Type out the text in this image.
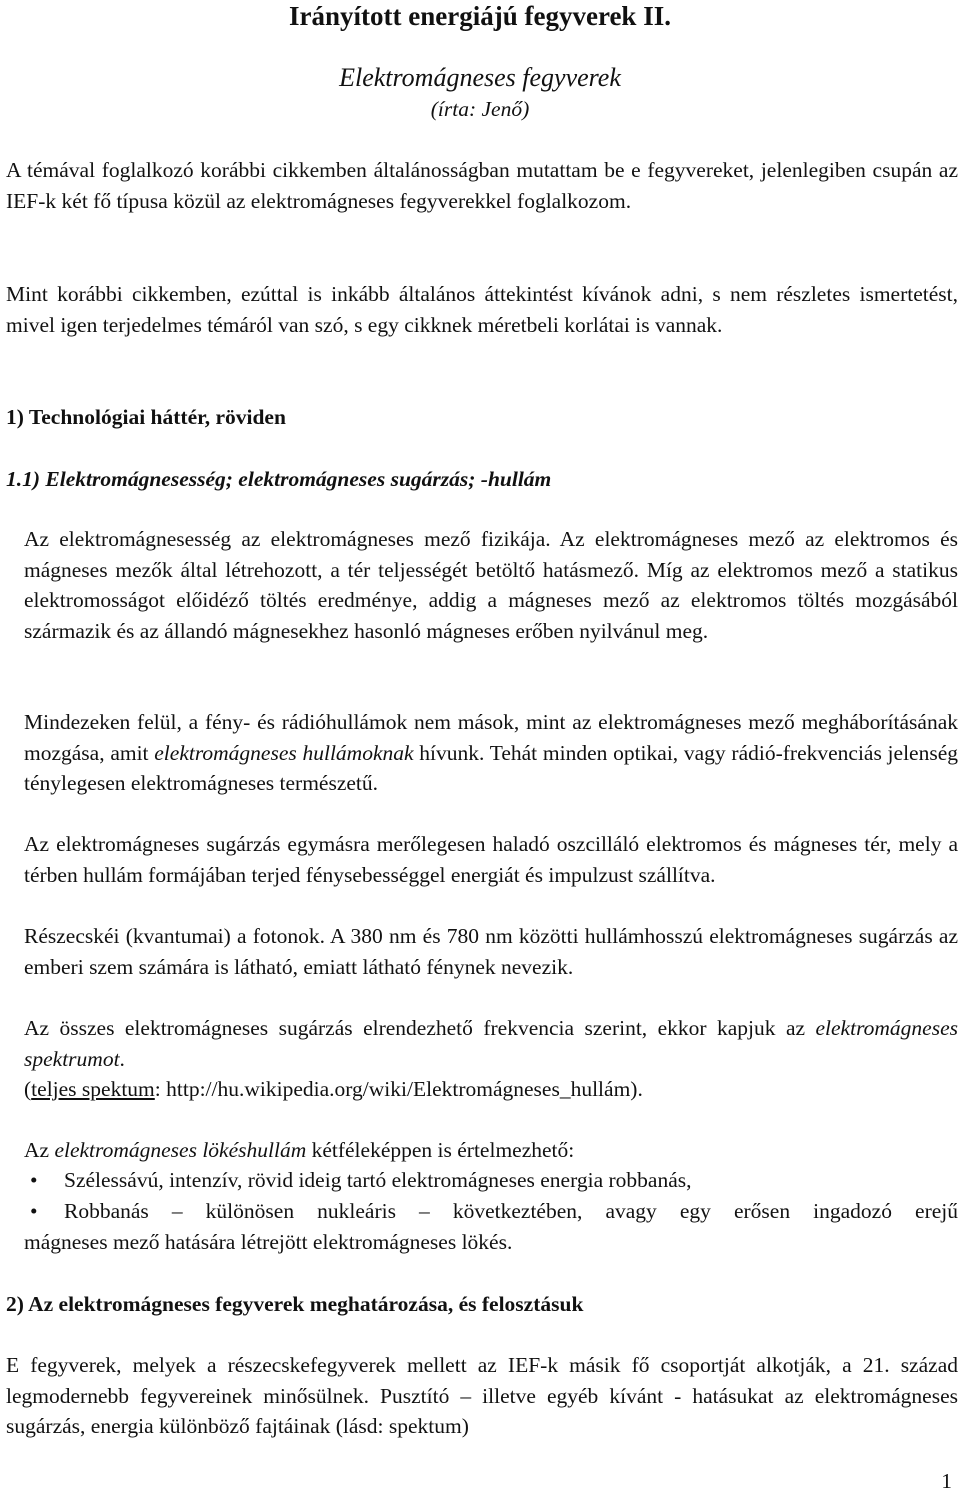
Irányított energiájú fegyverek II.
Elektromágneses fegyverek
(írta: Jenő)

A témával foglalkozó korábbi cikkemben általánosságban mutattam be e fegyvereket, jelenlegiben csupán az IEF-k két fő típusa közül az elektromágneses fegyverekkel foglalkozom.

Mint korábbi cikkemben, ezúttal is inkább általános áttekintést kívánok adni, s nem részletes ismertetést, mivel igen terjedelmes témáról van szó, s egy cikknek méretbeli korlátai is vannak.

1) Technológiai háttér, röviden
1.1) Elektromágnesesség; elektromágneses sugárzás; -hullám

Az elektromágnesesség az elektromágneses mező fizikája. Az elektromágneses mező az elektromos és mágneses mezők által létrehozott, a tér teljességét betöltő hatásmező. Míg az elektromos mező a statikus elektromosságot előidéző töltés eredménye, addig a mágneses mező az elektromos töltés mozgásából származik és az állandó mágnesekhez hasonló mágneses erőben nyilvánul meg.

Mindezeken felül, a fény- és rádióhullámok nem mások, mint az elektromágneses mező megháborításának mozgása, amit elektromágneses hullámoknak hívunk. Tehát minden optikai, vagy rádió-frekvenciás jelenség ténylegesen elektromágneses természetű.

Az elektromágneses sugárzás egymásra merőlegesen haladó oszcilláló elektromos és mágneses tér, mely a térben hullám formájában terjed fénysebességgel energiát és impulzust szállítva.

Részecskéi (kvantumai) a fotonok. A 380 nm és 780 nm közötti hullámhosszú elektromágneses sugárzás az emberi szem számára is látható, emiatt látható fénynek nevezik.

Az összes elektromágneses sugárzás elrendezhető frekvencia szerint, ekkor kapjuk az elektromágneses spektrumot.

(teljes spektum: http://hu.wikipedia.org/wiki/Elektromágneses_hullám).

Az elektromágneses lökéshullám kétféleképpen is értelmezhető:

•	Szélessávú, intenzív, rövid ideig tartó elektromágneses energia robbanás,
•	Robbanás – különösen nukleáris – következtében, avagy egy erősen ingadozó erejű

mágneses mező hatására létrejött elektromágneses lökés.

2) Az elektromágneses fegyverek meghatározása, és felosztásuk

E fegyverek, melyek a részecskefegyverek mellett az IEF-k másik fő csoportját alkotják, a 21. század legmodernebb fegyvereinek minősülnek. Pusztító – illetve egyéb kívánt - hatásukat az elektromágneses sugárzás, energia különböző fajtáinak (lásd: spektum)

1
